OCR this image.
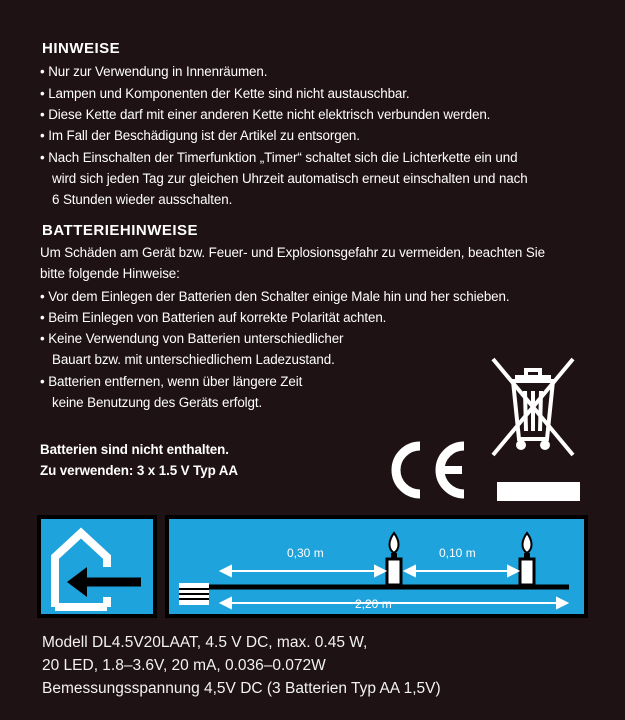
HINWEISE
• Nur zur Verwendung in Innenräumen.
• Lampen und Komponenten der Kette sind nicht austauschbar.
• Diese Kette darf mit einer anderen Kette nicht elektrisch verbunden werden.
• Im Fall der Beschädigung ist der Artikel zu entsorgen.
• Nach Einschalten der Timerfunktion „Timer“ schaltet sich die Lichterkette ein und
wird sich jeden Tag zur gleichen Uhrzeit automatisch erneut einschalten und nach
6 Stunden wieder ausschalten.
BATTERIEHINWEISE
Um Schäden am Gerät bzw. Feuer- und Explosionsgefahr zu vermeiden, beachten Sie
bitte folgende Hinweise:
• Vor dem Einlegen der Batterien den Schalter einige Male hin und her schieben.
• Beim Einlegen von Batterien auf korrekte Polarität achten.
• Keine Verwendung von Batterien unterschiedlicher
Bauart bzw. mit unterschiedlichem Ladezustand.
• Batterien entfernen, wenn über längere Zeit
keine Benutzung des Geräts erfolgt.
Batterien sind nicht enthalten.
Zu verwenden: 3 x 1.5 V Typ AA
0,30 m	0,10 m
2,20 m
Modell DL4.5V20LAAT, 4.5 V DC, max. 0.45 W,
20 LED, 1.8–3.6V, 20 mA, 0.036–0.072W
Bemessungsspannung 4,5V DC (3 Batterien Typ AA 1,5V)
